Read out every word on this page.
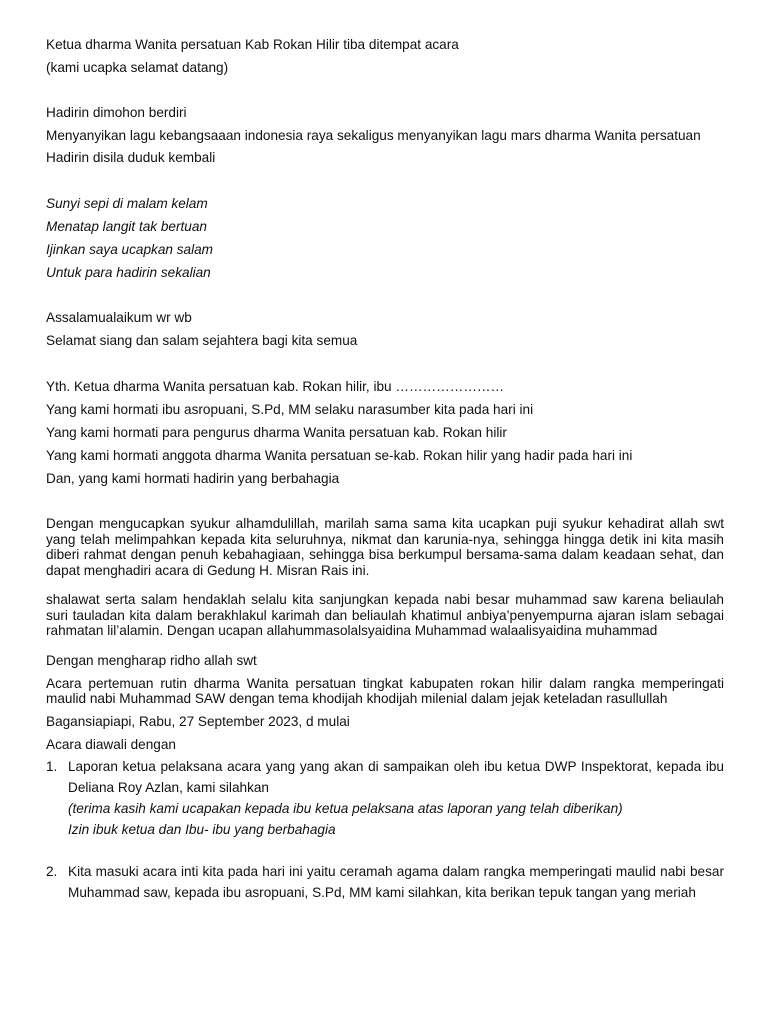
Ketua dharma Wanita persatuan Kab Rokan Hilir tiba ditempat acara

(kami ucapka selamat datang)

Hadirin dimohon berdiri

Menyanyikan lagu kebangsaaan indonesia raya sekaligus menyanyikan lagu mars dharma Wanita persatuan

Hadirin disila duduk kembali

Sunyi sepi di malam kelam

Menatap langit tak bertuan

Ijinkan saya ucapkan salam

Untuk para hadirin sekalian

Assalamualaikum wr wb

Selamat siang dan salam sejahtera bagi kita semua

Yth. Ketua dharma Wanita persatuan kab. Rokan hilir, ibu ……………………

Yang kami hormati ibu asropuani, S.Pd, MM selaku narasumber kita pada hari ini

Yang kami hormati para pengurus dharma Wanita persatuan kab. Rokan hilir

Yang kami hormati anggota dharma Wanita persatuan se-kab. Rokan hilir yang hadir pada hari ini

Dan, yang kami hormati hadirin yang berbahagia

Dengan mengucapkan syukur alhamdulillah, marilah sama sama kita ucapkan puji syukur kehadirat allah swt yang telah melimpahkan kepada kita seluruhnya, nikmat dan karunia-nya, sehingga hingga detik ini kita masih diberi rahmat dengan penuh kebahagiaan, sehingga bisa berkumpul bersama-sama dalam keadaan sehat, dan dapat menghadiri acara di Gedung H. Misran Rais ini.

shalawat serta salam hendaklah selalu kita sanjungkan kepada nabi besar muhammad saw karena beliaulah suri tauladan kita dalam berakhlakul karimah dan beliaulah khatimul anbiya’penyempurna ajaran islam sebagai rahmatan lil’alamin. Dengan ucapan allahummasolalsyaidina Muhammad walaalisyaidina muhammad

Dengan mengharap ridho allah swt

Acara pertemuan rutin dharma Wanita persatuan tingkat kabupaten rokan hilir dalam rangka memperingati maulid nabi Muhammad SAW dengan tema khodijah khodijah milenial dalam jejak keteladan rasullullah

Bagansiapiapi, Rabu, 27 September 2023, d mulai

Acara diawali dengan

1. Laporan ketua pelaksana acara yang yang akan di sampaikan oleh ibu ketua DWP Inspektorat, kepada ibu Deliana Roy Azlan, kami silahkan
(terima kasih kami ucapakan kepada ibu ketua pelaksana atas laporan yang telah diberikan)
Izin ibuk ketua dan Ibu- ibu yang berbahagia
2. Kita masuki acara inti kita pada hari ini yaitu ceramah agama dalam rangka memperingati maulid nabi besar Muhammad saw, kepada ibu asropuani, S.Pd, MM kami silahkan, kita berikan tepuk tangan yang meriah
